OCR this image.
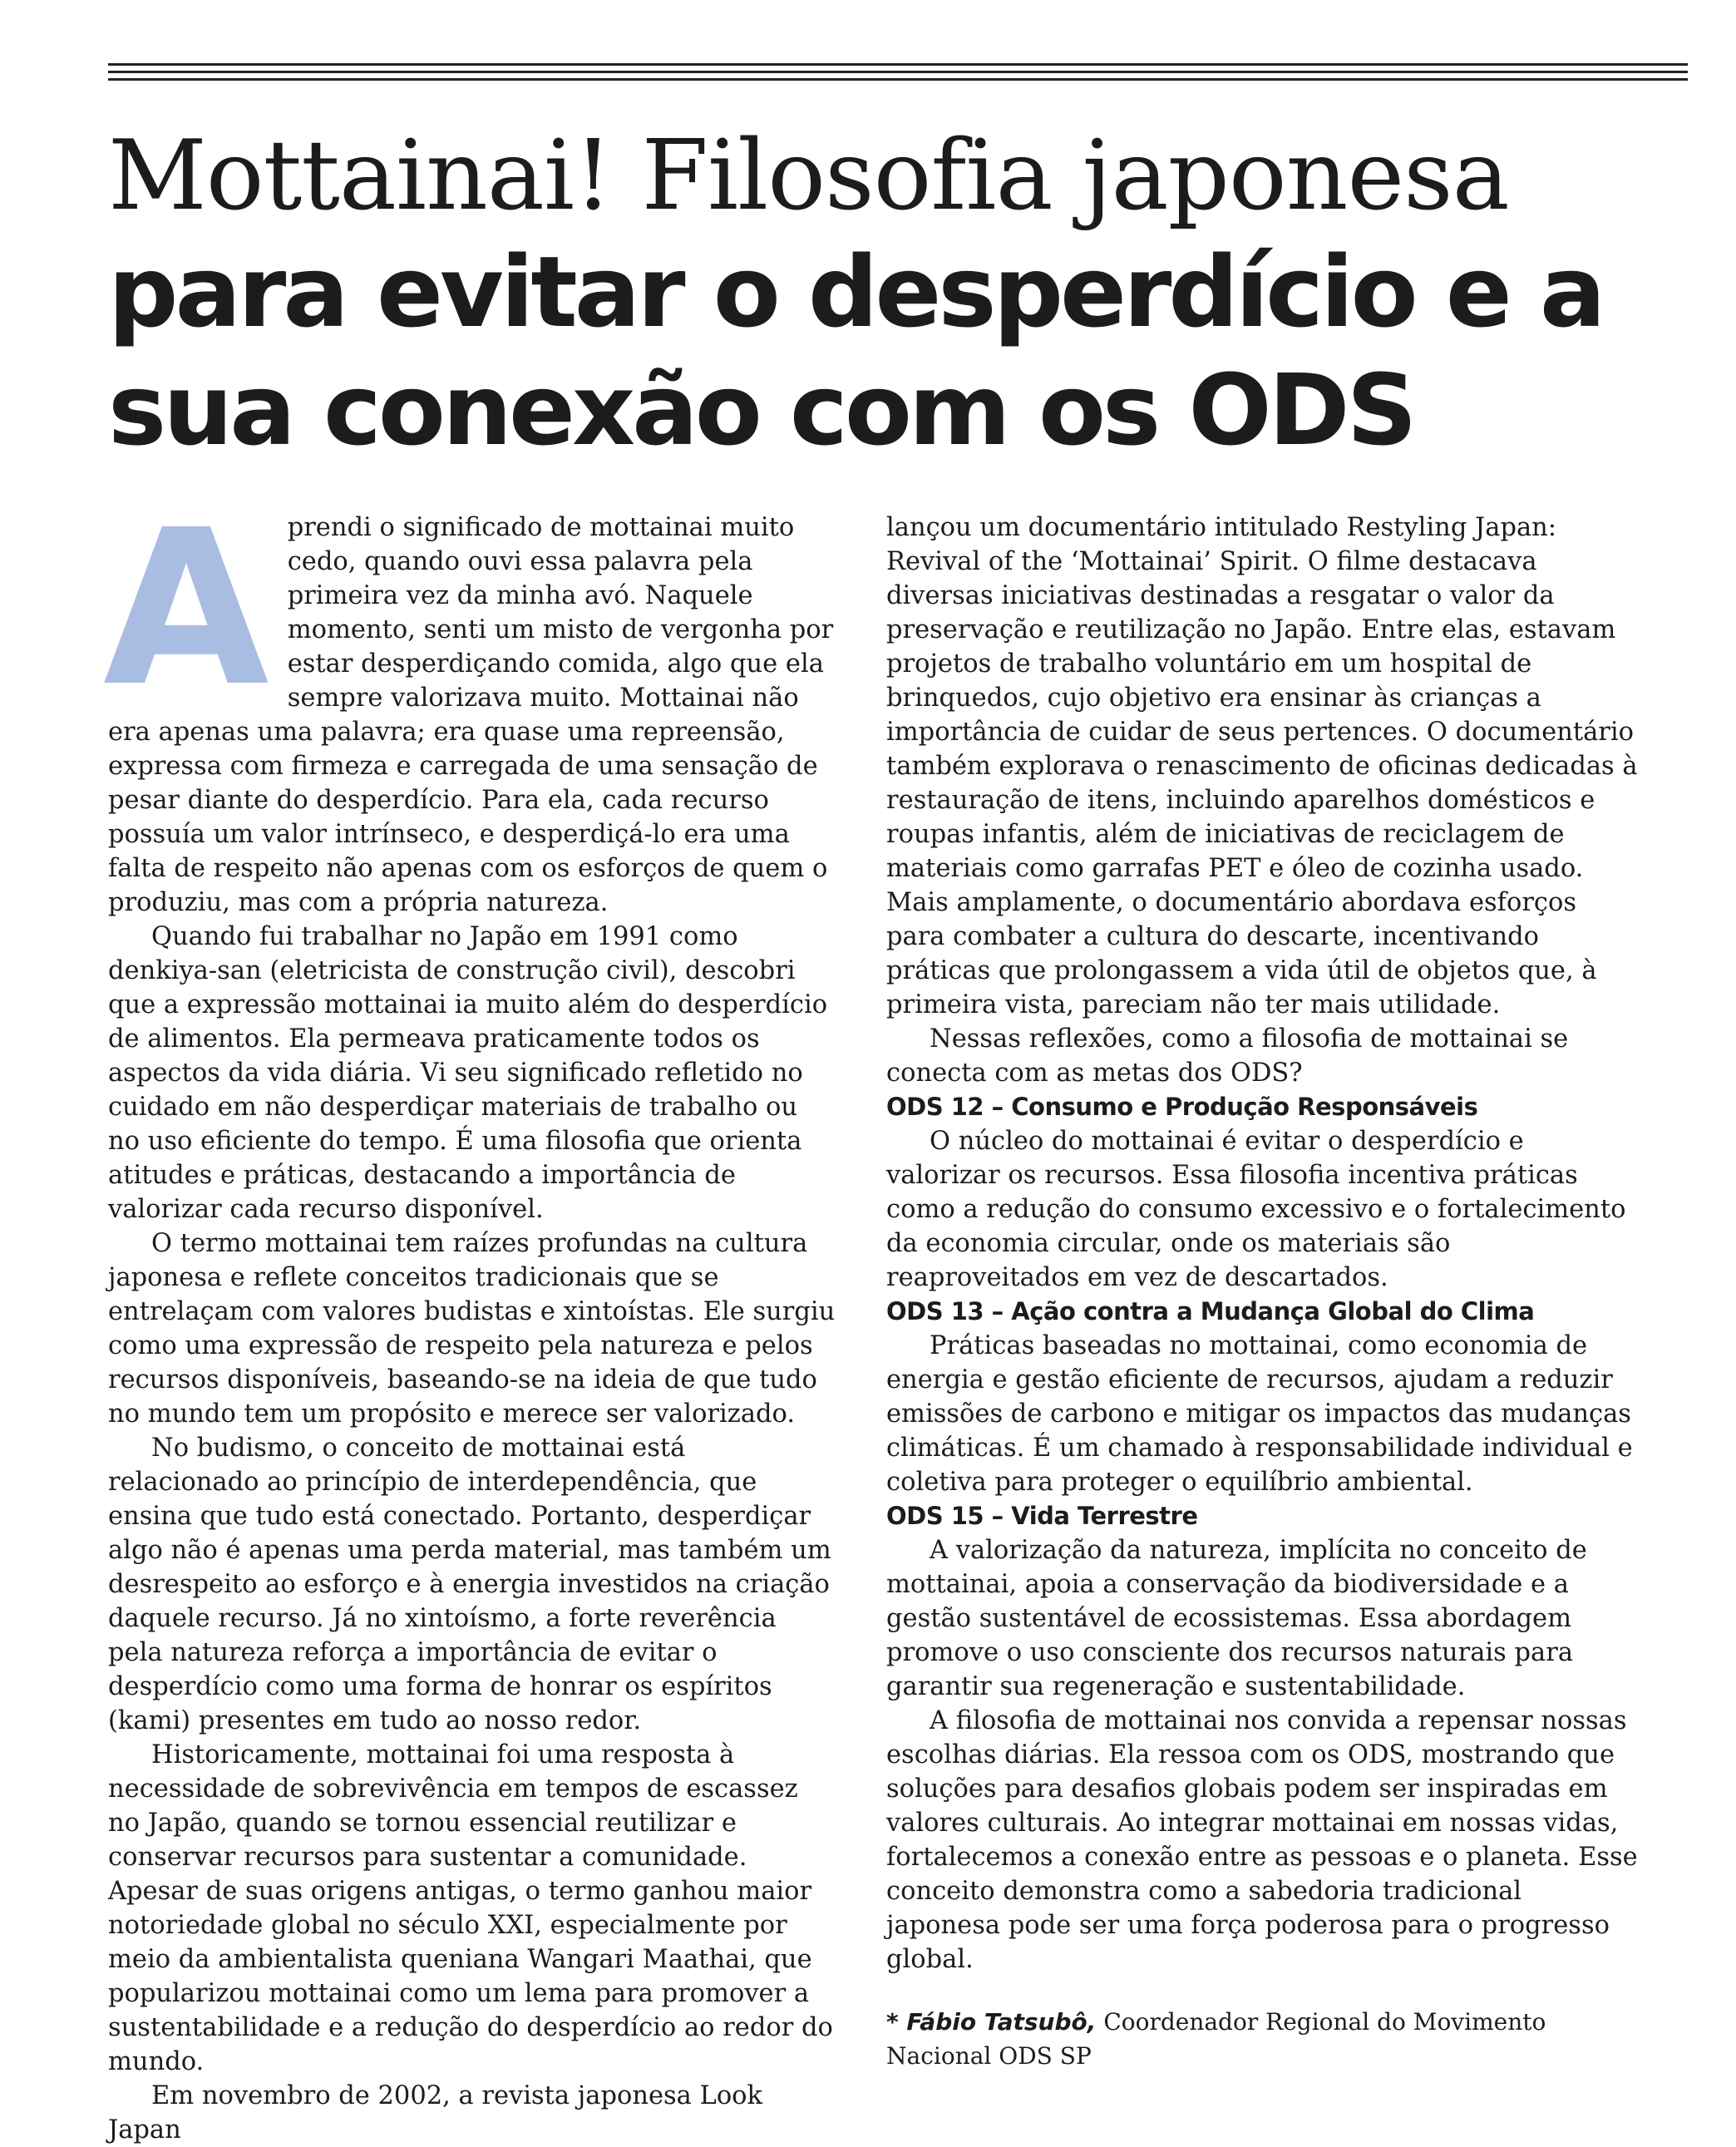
Mottainai! Filosofia japonesa
para evitar o desperdício e a
sua conexão com os ODS

Aprendi o significado de mottainai muito cedo, quando ouvi essa palavra pela primeira vez da minha avó. Naquele momento, senti um misto de vergonha por estar desperdiçando comida, algo que ela sempre valorizava muito. Mottainai não era apenas uma palavra; era quase uma repreensão, expressa com firmeza e carregada de uma sensação de pesar diante do desperdício. Para ela, cada recurso possuía um valor intrínseco, e desperdiçá-lo era uma falta de respeito não apenas com os esforços de quem o produziu, mas com a própria natureza.

Quando fui trabalhar no Japão em 1991 como denkiya-san (eletricista de construção civil), descobri que a expressão mottainai ia muito além do desperdício de alimentos. Ela permeava praticamente todos os aspectos da vida diária. Vi seu significado refletido no cuidado em não desperdiçar materiais de trabalho ou no uso eficiente do tempo. É uma filosofia que orienta atitudes e práticas, destacando a importância de valorizar cada recurso disponível.

O termo mottainai tem raízes profundas na cultura japonesa e reflete conceitos tradicionais que se entrelaçam com valores budistas e xintoístas. Ele surgiu como uma expressão de respeito pela natureza e pelos recursos disponíveis, baseando-se na ideia de que tudo no mundo tem um propósito e merece ser valorizado.

No budismo, o conceito de mottainai está relacionado ao princípio de interdependência, que ensina que tudo está conectado. Portanto, desperdiçar algo não é apenas uma perda material, mas também um desrespeito ao esforço e à energia investidos na criação daquele recurso. Já no xintoísmo, a forte reverência pela natureza reforça a importância de evitar o desperdício como uma forma de honrar os espíritos (kami) presentes em tudo ao nosso redor.

Historicamente, mottainai foi uma resposta à necessidade de sobrevivência em tempos de escassez no Japão, quando se tornou essencial reutilizar e conservar recursos para sustentar a comunidade. Apesar de suas origens antigas, o termo ganhou maior notoriedade global no século XXI, especialmente por meio da ambientalista queniana Wangari Maathai, que popularizou mottainai como um lema para promover a sustentabilidade e a redução do desperdício ao redor do mundo.

Em novembro de 2002, a revista japonesa Look Japan

lançou um documentário intitulado Restyling Japan: Revival of the ‘Mottainai’ Spirit. O filme destacava diversas iniciativas destinadas a resgatar o valor da preservação e reutilização no Japão. Entre elas, estavam projetos de trabalho voluntário em um hospital de brinquedos, cujo objetivo era ensinar às crianças a importância de cuidar de seus pertences. O documentário também explorava o renascimento de oficinas dedicadas à restauração de itens, incluindo aparelhos domésticos e roupas infantis, além de iniciativas de reciclagem de materiais como garrafas PET e óleo de cozinha usado. Mais amplamente, o documentário abordava esforços para combater a cultura do descarte, incentivando práticas que prolongassem a vida útil de objetos que, à primeira vista, pareciam não ter mais utilidade.

Nessas reflexões, como a filosofia de mottainai se conecta com as metas dos ODS?

ODS 12 – Consumo e Produção Responsáveis

O núcleo do mottainai é evitar o desperdício e valorizar os recursos. Essa filosofia incentiva práticas como a redução do consumo excessivo e o fortalecimento da economia circular, onde os materiais são reaproveitados em vez de descartados.

ODS 13 – Ação contra a Mudança Global do Clima

Práticas baseadas no mottainai, como economia de energia e gestão eficiente de recursos, ajudam a reduzir emissões de carbono e mitigar os impactos das mudanças climáticas. É um chamado à responsabilidade individual e coletiva para proteger o equilíbrio ambiental.

ODS 15 – Vida Terrestre

A valorização da natureza, implícita no conceito de mottainai, apoia a conservação da biodiversidade e a gestão sustentável de ecossistemas. Essa abordagem promove o uso consciente dos recursos naturais para garantir sua regeneração e sustentabilidade.

A filosofia de mottainai nos convida a repensar nossas escolhas diárias. Ela ressoa com os ODS, mostrando que soluções para desafios globais podem ser inspiradas em valores culturais. Ao integrar mottainai em nossas vidas, fortalecemos a conexão entre as pessoas e o planeta. Esse conceito demonstra como a sabedoria tradicional japonesa pode ser uma força poderosa para o progresso global.

* Fábio Tatsubô, Coordenador Regional do Movimento Nacional ODS SP
